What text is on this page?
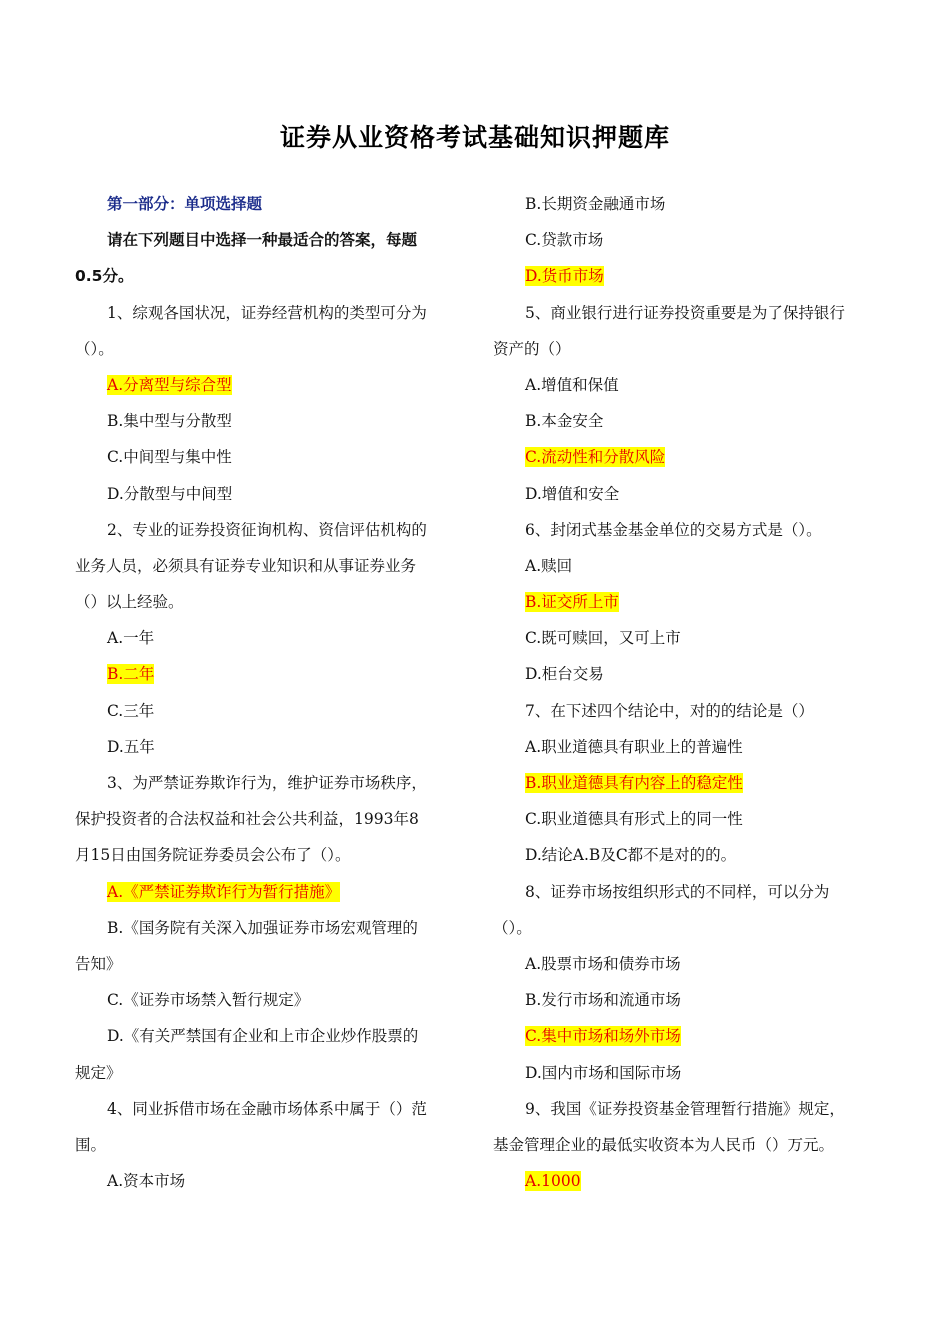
证券从业资格考试基础知识押题库
第一部分：单项选择题
请在下列题目中选择一种最适合的答案，每题
0.5分。
1、综观各国状况，证券经营机构的类型可分为
（）。
A.分离型与综合型
B.集中型与分散型
C.中间型与集中性
D.分散型与中间型
2、专业的证券投资征询机构、资信评估机构的
业务人员，必须具有证券专业知识和从事证券业务
（）以上经验。
A.一年
B.二年
C.三年
D.五年
3、为严禁证券欺诈行为，维护证券市场秩序，
保护投资者的合法权益和社会公共利益，1993年8
月15日由国务院证券委员会公布了（）。
A.《严禁证券欺诈行为暂行措施》
B.《国务院有关深入加强证券市场宏观管理的
告知》
C.《证券市场禁入暂行规定》
D.《有关严禁国有企业和上市企业炒作股票的
规定》
4、同业拆借市场在金融市场体系中属于（）范
围。
A.资本市场
B.长期资金融通市场
C.贷款市场
D.货币市场
5、商业银行进行证券投资重要是为了保持银行
资产的（）
A.增值和保值
B.本金安全
C.流动性和分散风险
D.增值和安全
6、封闭式基金基金单位的交易方式是（）。
A.赎回
B.证交所上市
C.既可赎回，又可上市
D.柜台交易
7、在下述四个结论中，对的的结论是（）
A.职业道德具有职业上的普遍性
B.职业道德具有内容上的稳定性
C.职业道德具有形式上的同一性
D.结论A.B及C都不是对的的。
8、证券市场按组织形式的不同样，可以分为
（）。
A.股票市场和债券市场
B.发行市场和流通市场
C.集中市场和场外市场
D.国内市场和国际市场
9、我国《证券投资基金管理暂行措施》规定，
基金管理企业的最低实收资本为人民币（）万元。
A.1000
